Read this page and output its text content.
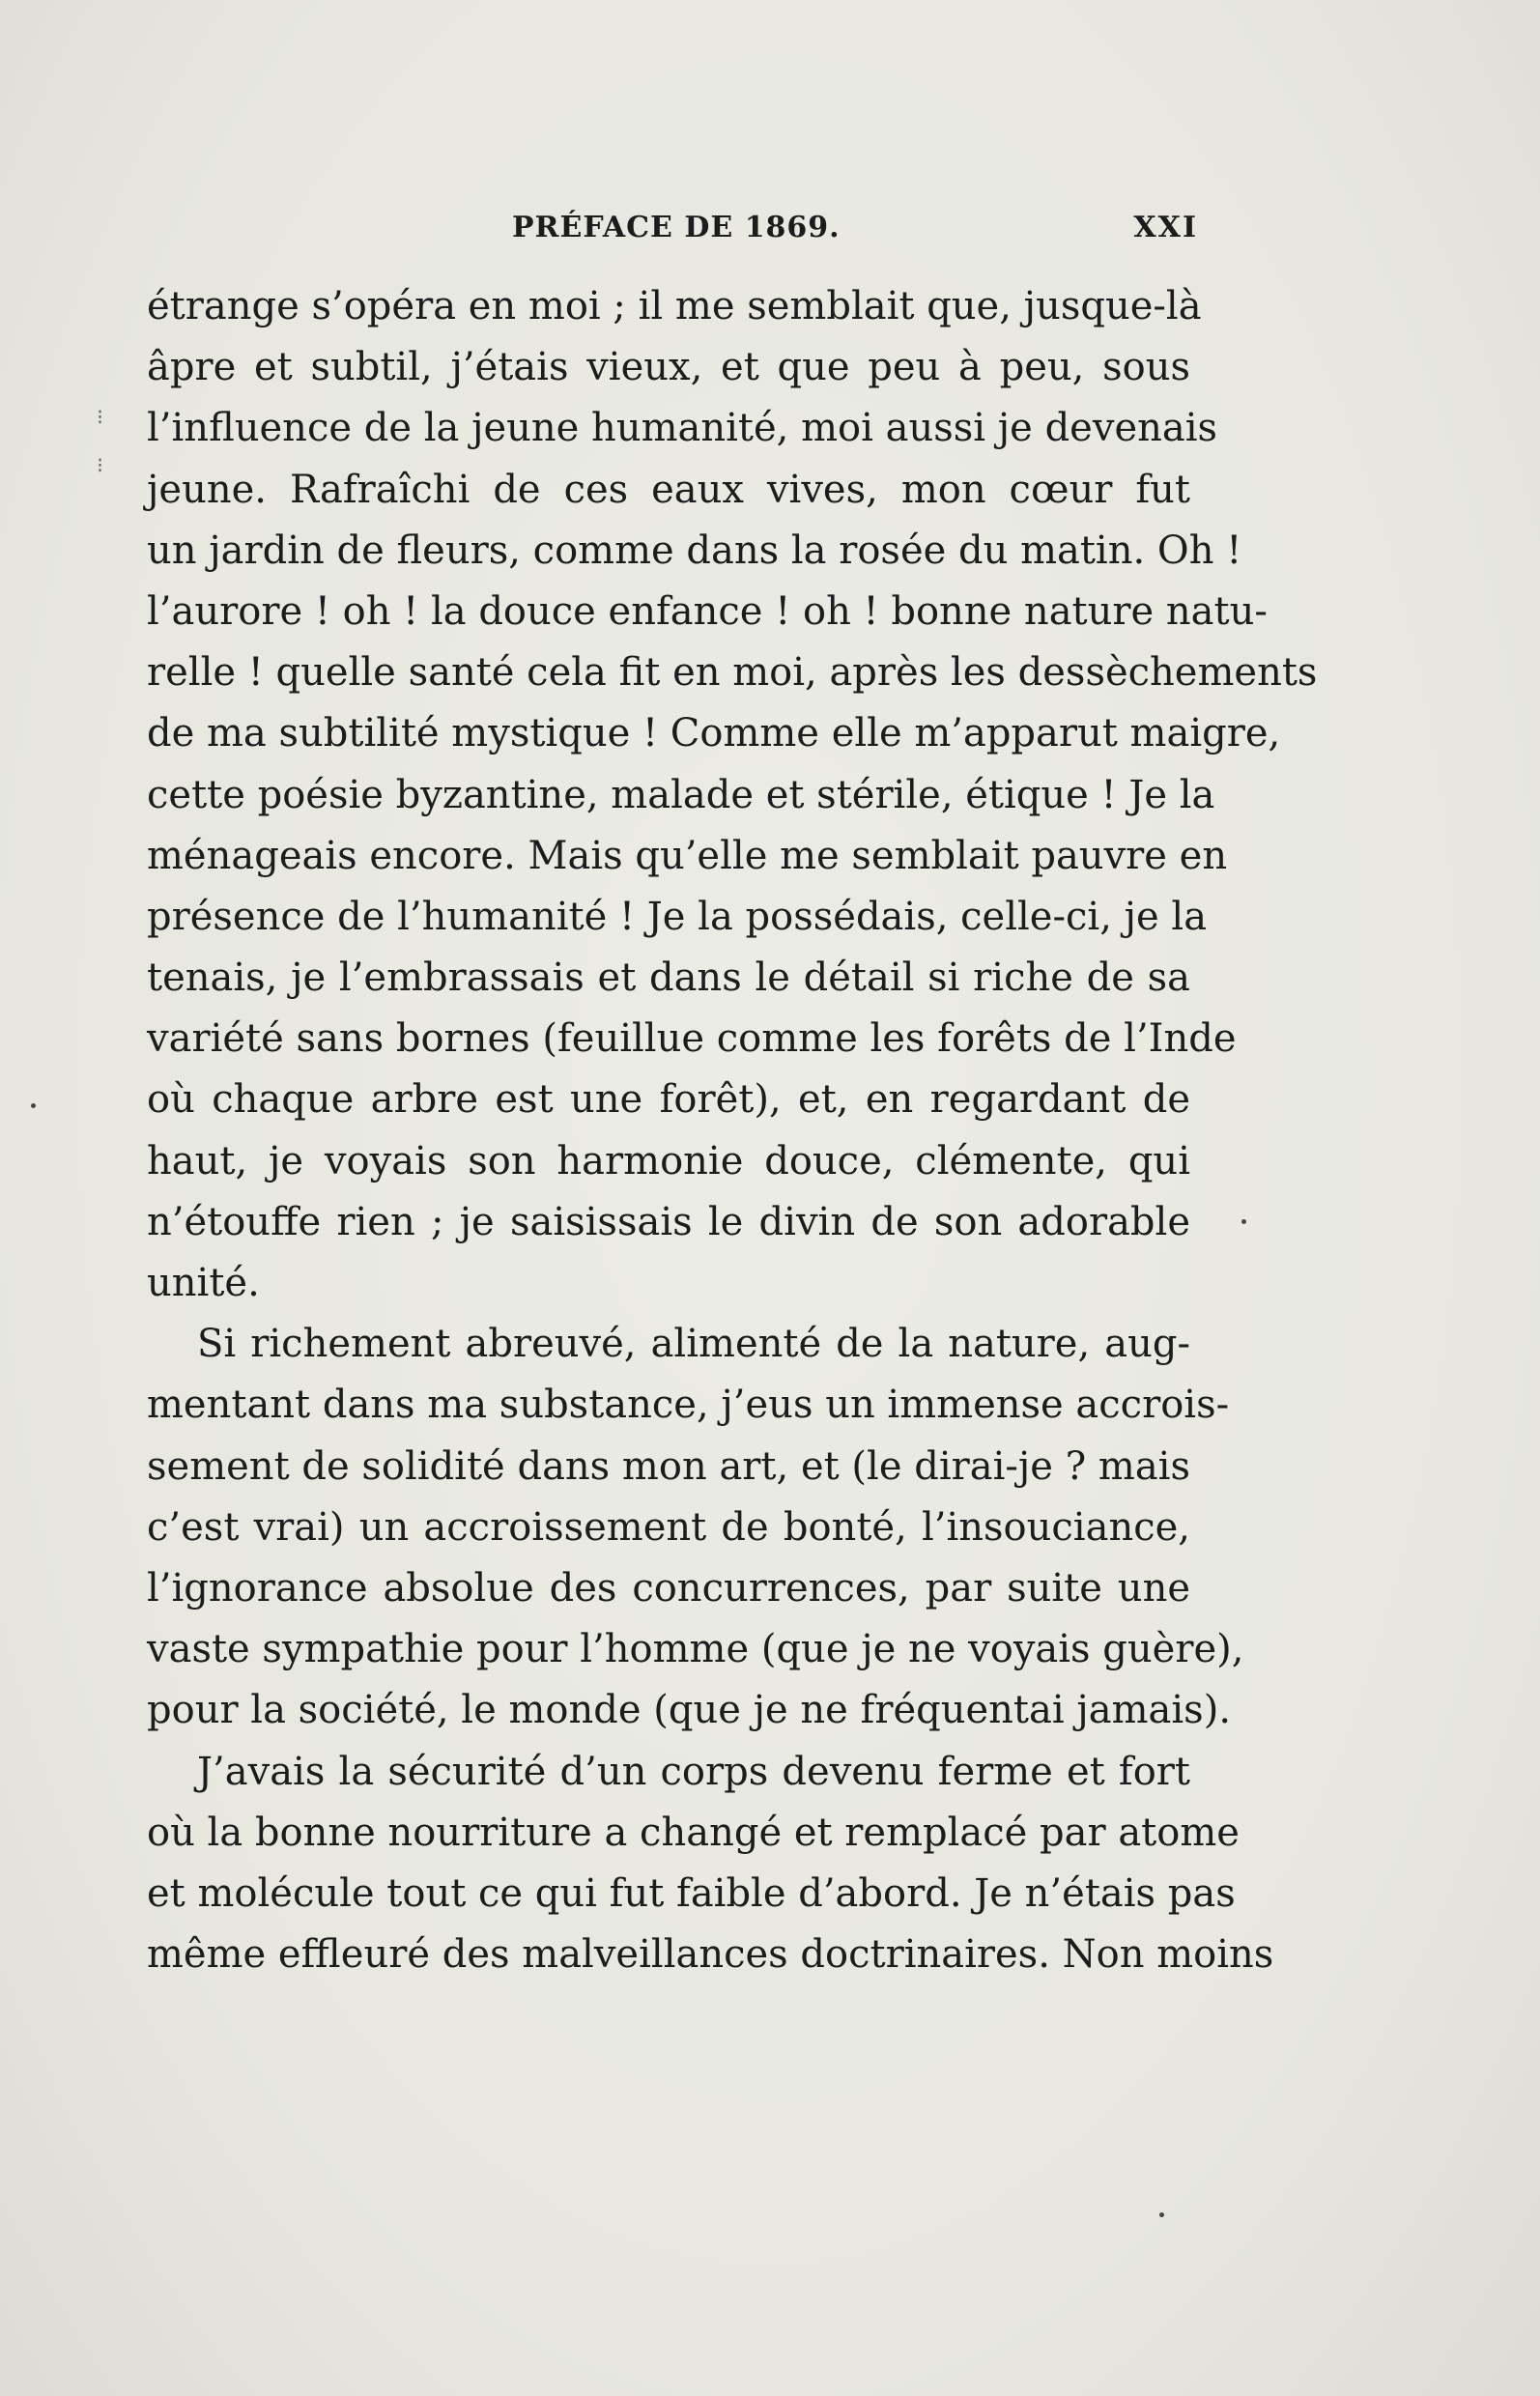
PRÉFACE DE 1869.	XXI
⁝
⁝
étrange s’opéra en moi ; il me semblait que, jusque-là
âpre et subtil, j’étais vieux, et que peu à peu, sous
l’influence de la jeune humanité, moi aussi je devenais
jeune. Rafraîchi de ces eaux vives, mon cœur fut
un jardin de fleurs, comme dans la rosée du matin. Oh !
l’aurore ! oh ! la douce enfance ! oh ! bonne nature natu-
relle ! quelle santé cela fit en moi, après les dessèchements
de ma subtilité mystique ! Comme elle m’apparut maigre,
cette poésie byzantine, malade et stérile, étique ! Je la
ménageais encore. Mais qu’elle me semblait pauvre en
présence de l’humanité ! Je la possédais, celle-ci, je la
tenais, je l’embrassais et dans le détail si riche de sa
variété sans bornes (feuillue comme les forêts de l’Inde
où chaque arbre est une forêt), et, en regardant de
haut, je voyais son harmonie douce, clémente, qui
n’étouffe rien ; je saisissais le divin de son adorable
unité.
Si richement abreuvé, alimenté de la nature, aug-
mentant dans ma substance, j’eus un immense accrois-
sement de solidité dans mon art, et (le dirai-je ? mais
c’est vrai) un accroissement de bonté, l’insouciance,
l’ignorance absolue des concurrences, par suite une
vaste sympathie pour l’homme (que je ne voyais guère),
pour la société, le monde (que je ne fréquentai jamais).
J’avais la sécurité d’un corps devenu ferme et fort
où la bonne nourriture a changé et remplacé par atome
et molécule tout ce qui fut faible d’abord. Je n’étais pas
même effleuré des malveillances doctrinaires. Non moins
